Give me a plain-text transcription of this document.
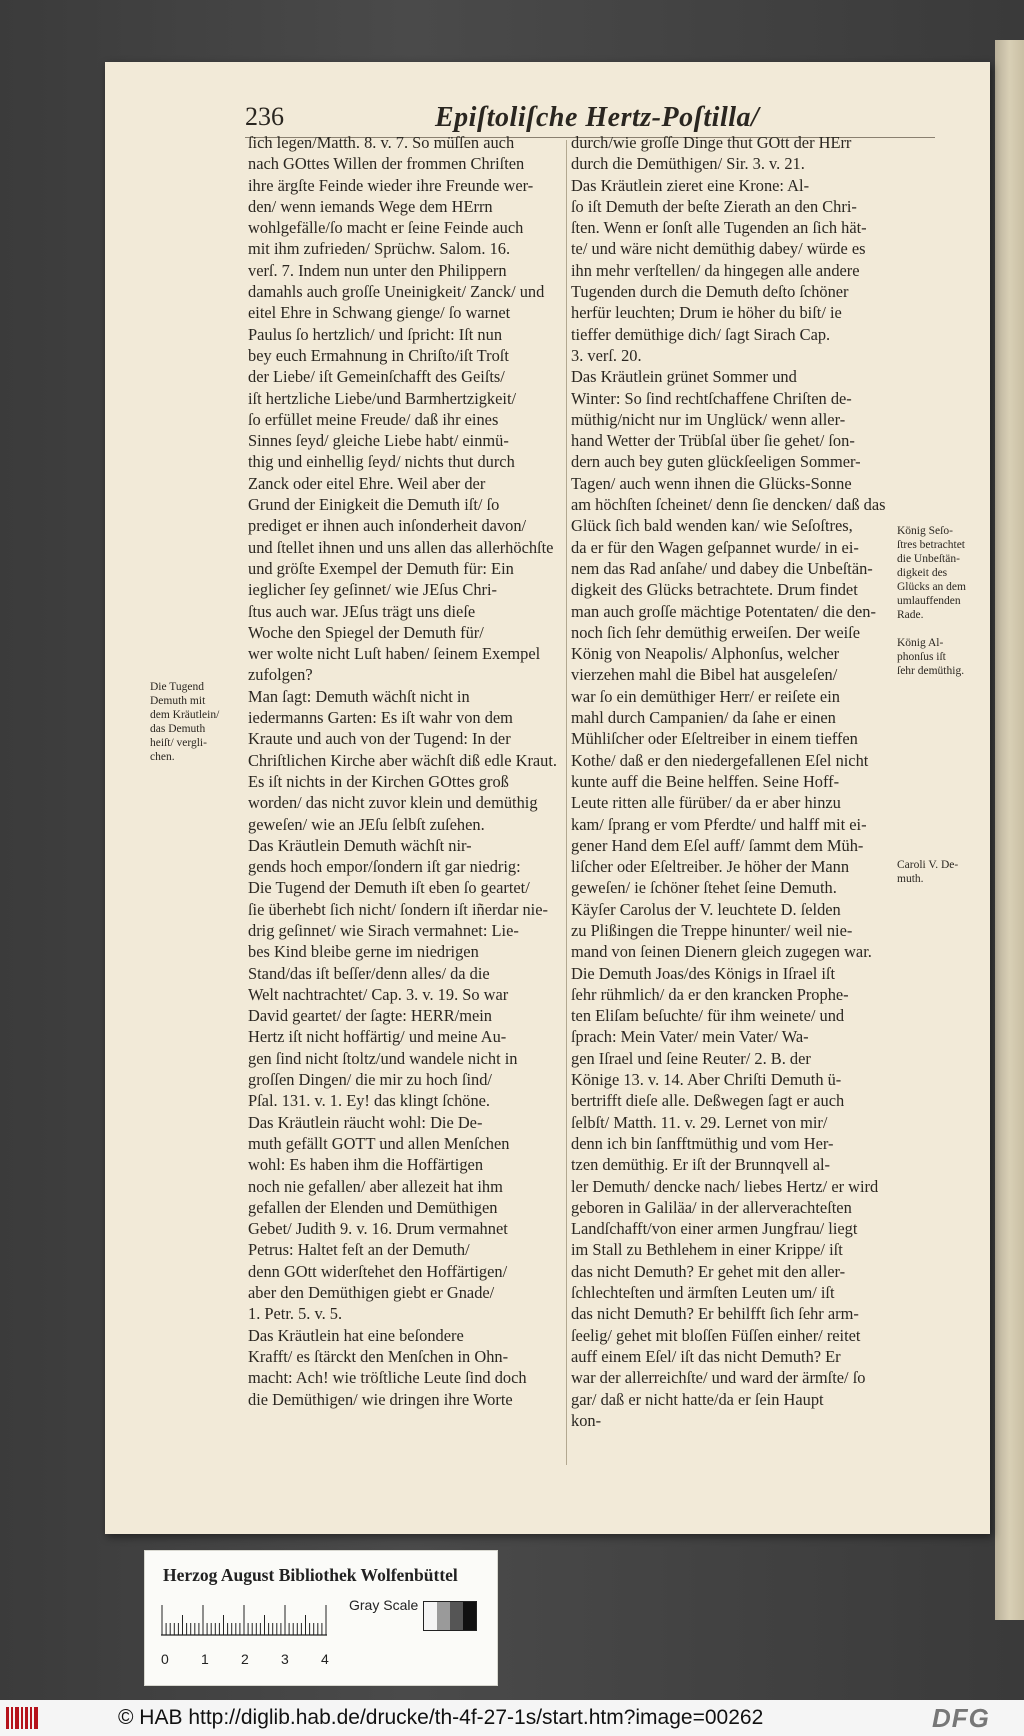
236	Epiſtoliſche Hertz-Poſtilla/
Die Tugend
Demuth mit
dem Kräutlein/
das Demuth
heiſt/ vergli-
chen.
ſich legen/Matth. 8. v. 7. So müſſen auch
nach GOttes Willen der frommen Chriſten
ihre ärgſte Feinde wieder ihre Freunde wer-
den/ wenn iemands Wege dem HErrn
wohlgefälle/ſo macht er ſeine Feinde auch
mit ihm zufrieden/ Sprüchw. Salom. 16.
verſ. 7. Indem nun unter den Philippern
damahls auch groſſe Uneinigkeit/ Zanck/ und
eitel Ehre in Schwang gienge/ ſo warnet
Paulus ſo hertzlich/ und ſpricht: Iſt nun
bey euch Ermahnung in Chriſto/iſt Troſt
der Liebe/ iſt Gemeinſchafft des Geiſts/
iſt hertzliche Liebe/und Barmhertzigkeit/
ſo erfüllet meine Freude/ daß ihr eines
Sinnes ſeyd/ gleiche Liebe habt/ einmü-
thig und einhellig ſeyd/ nichts thut durch
Zanck oder eitel Ehre. Weil aber der
Grund der Einigkeit die Demuth iſt/ ſo
prediget er ihnen auch inſonderheit davon/
und ſtellet ihnen und uns allen das allerhöchſte
und gröſte Exempel der Demuth für: Ein
ieglicher ſey geſinnet/ wie JEſus Chri-
ſtus auch war. JEſus trägt uns dieſe
Woche den Spiegel der Demuth für/
wer wolte nicht Luſt haben/ ſeinem Exempel
zufolgen?
Man ſagt: Demuth wächſt nicht in
iedermanns Garten: Es iſt wahr von dem
Kraute und auch von der Tugend: In der
Chriſtlichen Kirche aber wächſt diß edle Kraut.
Es iſt nichts in der Kirchen GOttes groß
worden/ das nicht zuvor klein und demüthig
geweſen/ wie an JEſu ſelbſt zuſehen.
Das Kräutlein Demuth wächſt nir-
gends hoch empor/ſondern iſt gar niedrig:
Die Tugend der Demuth iſt eben ſo geartet/
ſie überhebt ſich nicht/ ſondern iſt iñerdar nie-
drig geſinnet/ wie Sirach vermahnet: Lie-
bes Kind bleibe gerne im niedrigen
Stand/das iſt beſſer/denn alles/ da die
Welt nachtrachtet/ Cap. 3. v. 19. So war
David geartet/ der ſagte: HERR/mein
Hertz iſt nicht hoffärtig/ und meine Au-
gen ſind nicht ſtoltz/und wandele nicht in
groſſen Dingen/ die mir zu hoch ſind/
Pſal. 131. v. 1. Ey! das klingt ſchöne.
Das Kräutlein räucht wohl: Die De-
muth gefällt GOTT und allen Menſchen
wohl: Es haben ihm die Hoffärtigen
noch nie gefallen/ aber allezeit hat ihm
gefallen der Elenden und Demüthigen
Gebet/ Judith 9. v. 16. Drum vermahnet
Petrus: Haltet feſt an der Demuth/
denn GOtt widerſtehet den Hoffärtigen/
aber den Demüthigen giebt er Gnade/
1. Petr. 5. v. 5.
Das Kräutlein hat eine beſondere
Krafft/ es ſtärckt den Menſchen in Ohn-
macht: Ach! wie tröſtliche Leute ſind doch
die Demüthigen/ wie dringen ihre Worte
durch/wie groſſe Dinge thut GOtt der HErr
durch die Demüthigen/ Sir. 3. v. 21.
Das Kräutlein zieret eine Krone: Al-
ſo iſt Demuth der beſte Zierath an den Chri-
ſten. Wenn er ſonſt alle Tugenden an ſich hät-
te/ und wäre nicht demüthig dabey/ würde es
ihn mehr verſtellen/ da hingegen alle andere
Tugenden durch die Demuth deſto ſchöner
herfür leuchten; Drum ie höher du biſt/ ie
tieffer demüthige dich/ ſagt Sirach Cap.
3. verſ. 20.
Das Kräutlein grünet Sommer und
Winter: So ſind rechtſchaffene Chriſten de-
müthig/nicht nur im Unglück/ wenn aller-
hand Wetter der Trübſal über ſie gehet/ ſon-
dern auch bey guten glückſeeligen Sommer-
Tagen/ auch wenn ihnen die Glücks-Sonne
am höchſten ſcheinet/ denn ſie dencken/ daß das
Glück ſich bald wenden kan/ wie Seſoſtres,
da er für den Wagen geſpannet wurde/ in ei-
nem das Rad anſahe/ und dabey die Unbeſtän-
digkeit des Glücks betrachtete. Drum findet
man auch groſſe mächtige Potentaten/ die den-
noch ſich ſehr demüthig erweiſen. Der weiſe
König von Neapolis/ Alphonſus, welcher
vierzehen mahl die Bibel hat ausgeleſen/
war ſo ein demüthiger Herr/ er reiſete ein
mahl durch Campanien/ da ſahe er einen
Mühliſcher oder Eſeltreiber in einem tieffen
Kothe/ daß er den niedergefallenen Eſel nicht
kunte auff die Beine helffen. Seine Hoff-
Leute ritten alle fürüber/ da er aber hinzu
kam/ ſprang er vom Pferdte/ und halff mit ei-
gener Hand dem Eſel auff/ ſammt dem Müh-
liſcher oder Eſeltreiber. Je höher der Mann
geweſen/ ie ſchöner ſtehet ſeine Demuth.
Käyſer Carolus der V. leuchtete D. ſelden
zu Plißingen die Treppe hinunter/ weil nie-
mand von ſeinen Dienern gleich zugegen war.
Die Demuth Joas/des Königs in Iſrael iſt
ſehr rühmlich/ da er den krancken Prophe-
ten Eliſam beſuchte/ für ihm weinete/ und
ſprach: Mein Vater/ mein Vater/ Wa-
gen Iſrael und ſeine Reuter/ 2. B. der
Könige 13. v. 14. Aber Chriſti Demuth ü-
bertrifft dieſe alle. Deßwegen ſagt er auch
ſelbſt/ Matth. 11. v. 29. Lernet von mir/
denn ich bin ſanfftmüthig und vom Her-
tzen demüthig. Er iſt der Brunnqvell al-
ler Demuth/ dencke nach/ liebes Hertz/ er wird
geboren in Galiläa/ in der allerverachteſten
Landſchafft/von einer armen Jungfrau/ liegt
im Stall zu Bethlehem in einer Krippe/ iſt
das nicht Demuth? Er gehet mit den aller-
ſchlechteſten und ärmſten Leuten um/ iſt
das nicht Demuth? Er behilfft ſich ſehr arm-
ſeelig/ gehet mit bloſſen Füſſen einher/ reitet
auff einem Eſel/ iſt das nicht Demuth? Er
war der allerreichſte/ und ward der ärmſte/ ſo
gar/ daß er nicht hatte/da er ſein Haupt
kon-
König Seſo-
ſtres betrachtet
die Unbeſtän-
digkeit des
Glücks an dem
umlauffenden
Rade.
König Al-
phonſus iſt
ſehr demüthig.
Caroli V. De-
muth.
Herzog August Bibliothek Wolfenbüttel
0 1 2 3 4
Gray Scale
© HAB http://diglib.hab.de/drucke/th-4f-27-1s/start.htm?image=00262	DFG
